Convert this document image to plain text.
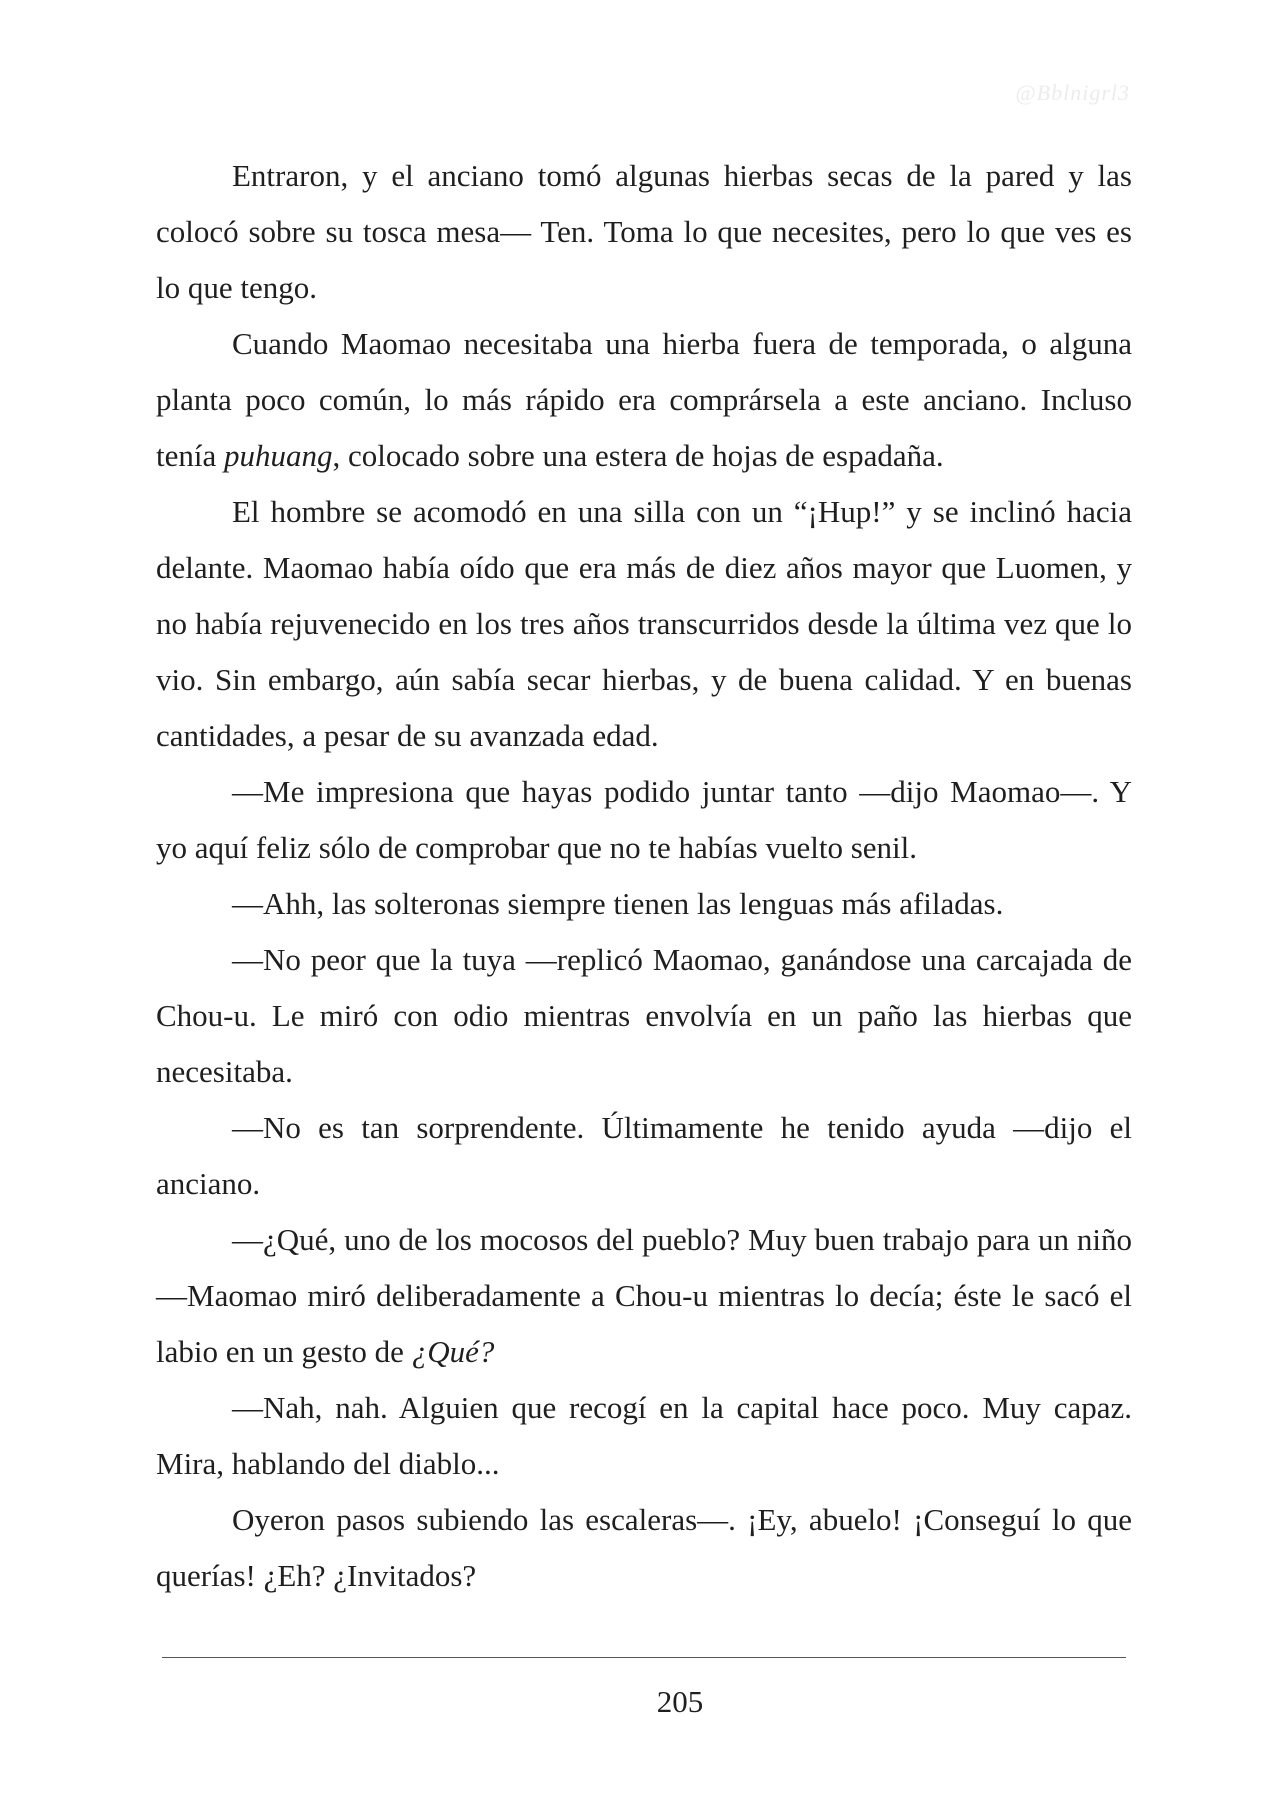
@Bblnigrl3

Entraron, y el anciano tomó algunas hierbas secas de la pared y las colocó sobre su tosca mesa— Ten. Toma lo que necesites, pero lo que ves es lo que tengo.

Cuando Maomao necesitaba una hierba fuera de temporada, o alguna planta poco común, lo más rápido era comprársela a este anciano. Incluso tenía puhuang, colocado sobre una estera de hojas de espadaña.

El hombre se acomodó en una silla con un “¡Hup!” y se inclinó hacia delante. Maomao había oído que era más de diez años mayor que Luomen, y no había rejuvenecido en los tres años transcurridos desde la última vez que lo vio. Sin embargo, aún sabía secar hierbas, y de buena calidad. Y en buenas cantidades, a pesar de su avanzada edad.

—Me impresiona que hayas podido juntar tanto —dijo Maomao—. Y yo aquí feliz sólo de comprobar que no te habías vuelto senil.

—Ahh, las solteronas siempre tienen las lenguas más afiladas.

—No peor que la tuya —replicó Maomao, ganándose una carcajada de Chou-u. Le miró con odio mientras envolvía en un paño las hierbas que necesitaba.

—No es tan sorprendente. Últimamente he tenido ayuda —dijo el anciano.

—¿Qué, uno de los mocosos del pueblo? Muy buen trabajo para un niño —Maomao miró deliberadamente a Chou-u mientras lo decía; éste le sacó el labio en un gesto de ¿Qué?

—Nah, nah. Alguien que recogí en la capital hace poco. Muy capaz. Mira, hablando del diablo...

Oyeron pasos subiendo las escaleras—. ¡Ey, abuelo! ¡Conseguí lo que querías! ¿Eh? ¿Invitados?

205
